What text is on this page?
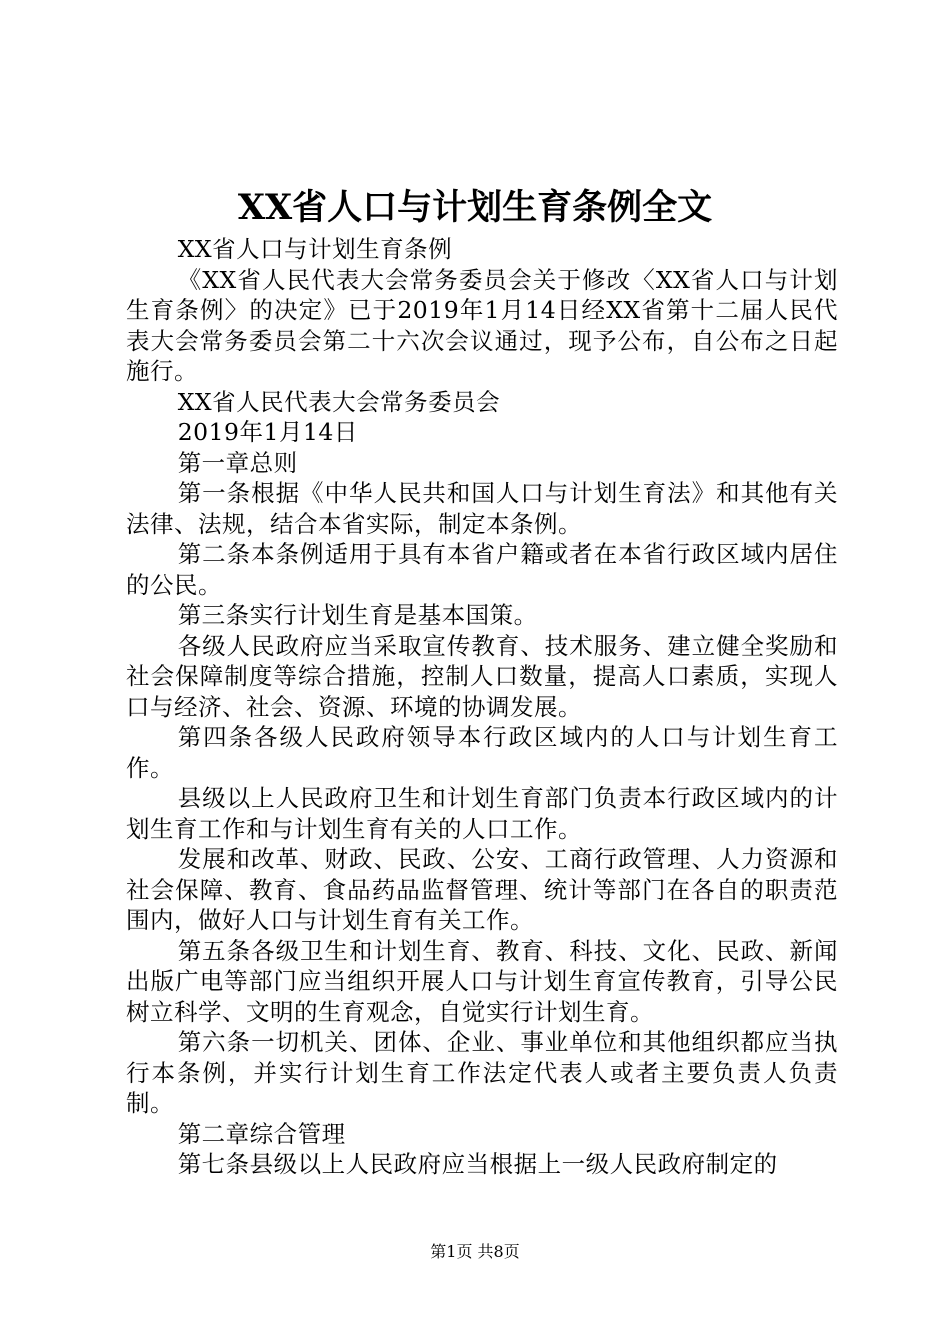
XX省人口与计划生育条例全文

XX省人口与计划生育条例

《XX省人民代表大会常务委员会关于修改〈XX省人口与计划生育条例〉的决定》已于2019年1月14日经XX省第十二届人民代表大会常务委员会第二十六次会议通过，现予公布，自公布之日起施行。

XX省人民代表大会常务委员会

2019年1月14日

第一章总则

第一条根据《中华人民共和国人口与计划生育法》和其他有关法律、法规，结合本省实际，制定本条例。

第二条本条例适用于具有本省户籍或者在本省行政区域内居住的公民。

第三条实行计划生育是基本国策。

各级人民政府应当采取宣传教育、技术服务、建立健全奖励和社会保障制度等综合措施，控制人口数量，提高人口素质，实现人口与经济、社会、资源、环境的协调发展。

第四条各级人民政府领导本行政区域内的人口与计划生育工作。

县级以上人民政府卫生和计划生育部门负责本行政区域内的计划生育工作和与计划生育有关的人口工作。

发展和改革、财政、民政、公安、工商行政管理、人力资源和社会保障、教育、食品药品监督管理、统计等部门在各自的职责范围内，做好人口与计划生育有关工作。

第五条各级卫生和计划生育、教育、科技、文化、民政、新闻出版广电等部门应当组织开展人口与计划生育宣传教育，引导公民树立科学、文明的生育观念，自觉实行计划生育。

第六条一切机关、团体、企业、事业单位和其他组织都应当执行本条例，并实行计划生育工作法定代表人或者主要负责人负责制。

第二章综合管理

第七条县级以上人民政府应当根据上一级人民政府制定的

第1页 共8页
